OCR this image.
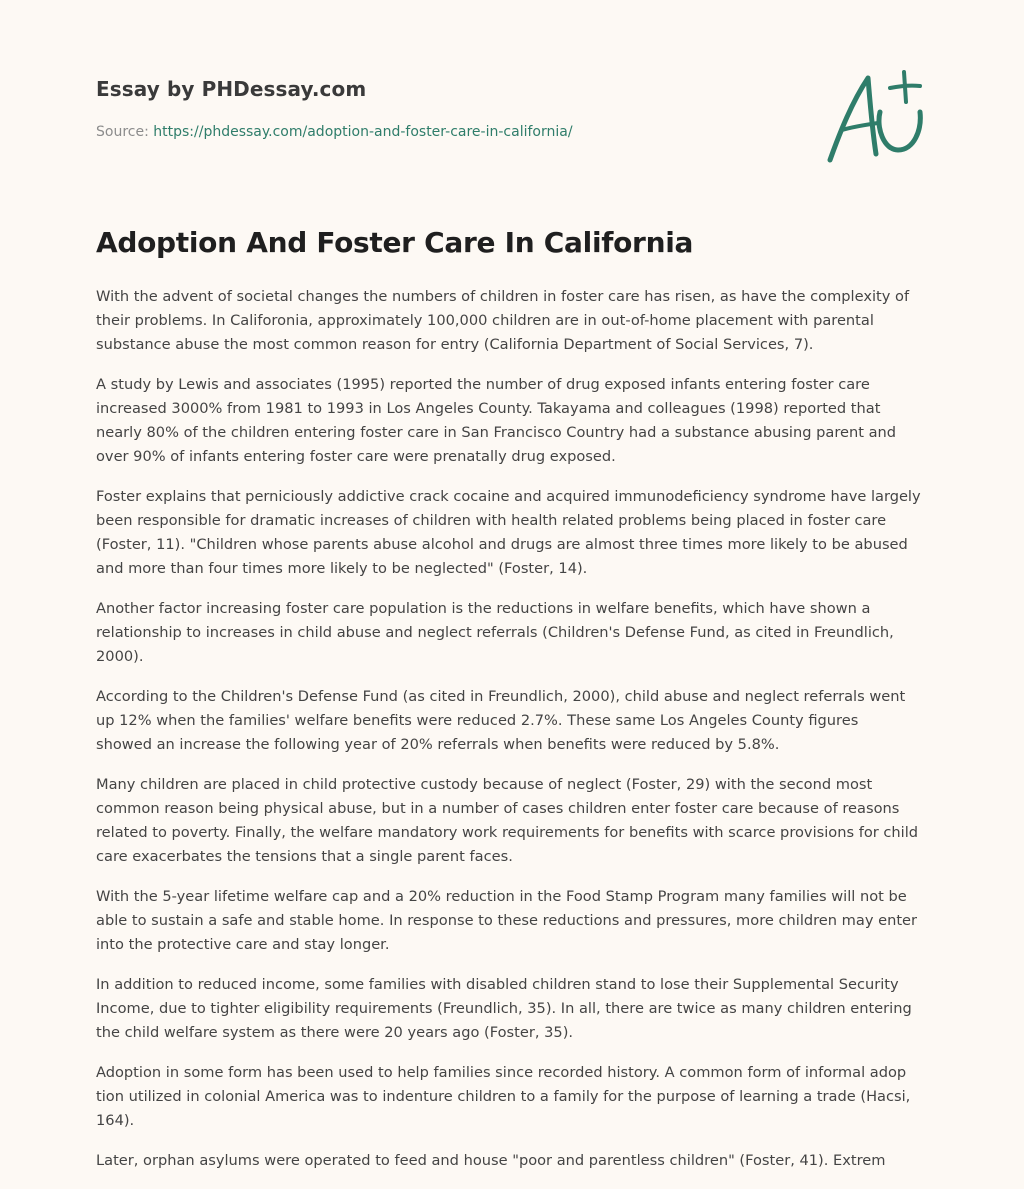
Essay by PHDessay.com

Source: https://phdessay.com/adoption-and-foster-care-in-california/

Adoption And Foster Care In California

With the advent of societal changes the numbers of children in foster care has risen, as have the complexity of
their problems. In Califoronia, approximately 100,000 children are in out-of-home placement with parental
substance abuse the most common reason for entry (California Department of Social Services, 7).

A study by Lewis and associates (1995) reported the number of drug exposed infants entering foster care
increased 3000% from 1981 to 1993 in Los Angeles County. Takayama and colleagues (1998) reported that
nearly 80% of the children entering foster care in San Francisco Country had a substance abusing parent and
over 90% of infants entering foster care were prenatally drug exposed.

Foster explains that perniciously addictive crack cocaine and acquired immunodeficiency syndrome have largely
been responsible for dramatic increases of children with health related problems being placed in foster care
(Foster, 11). "Children whose parents abuse alcohol and drugs are almost three times more likely to be abused
and more than four times more likely to be neglected" (Foster, 14).

Another factor increasing foster care population is the reductions in welfare benefits, which have shown a
relationship to increases in child abuse and neglect referrals (Children's Defense Fund, as cited in Freundlich,
2000).

According to the Children's Defense Fund (as cited in Freundlich, 2000), child abuse and neglect referrals went
up 12% when the families' welfare benefits were reduced 2.7%. These same Los Angeles County figures
showed an increase the following year of 20% referrals when benefits were reduced by 5.8%.

Many children are placed in child protective custody because of neglect (Foster, 29) with the second most
common reason being physical abuse, but in a number of cases children enter foster care because of reasons
related to poverty. Finally, the welfare mandatory work requirements for benefits with scarce provisions for child
care exacerbates the tensions that a single parent faces.

With the 5-year lifetime welfare cap and a 20% reduction in the Food Stamp Program many families will not be
able to sustain a safe and stable home. In response to these reductions and pressures, more children may enter
into the protective care and stay longer.

In addition to reduced income, some families with disabled children stand to lose their Supplemental Security
Income, due to tighter eligibility requirements (Freundlich, 35). In all, there are twice as many children entering
the child welfare system as there were 20 years ago (Foster, 35).

Adoption in some form has been used to help families since recorded history. A common form of informal adop
tion utilized in colonial America was to indenture children to a family for the purpose of learning a trade (Hacsi,
164).

Later, orphan asylums were operated to feed and house "poor and parentless children" (Foster, 41). Extrem
